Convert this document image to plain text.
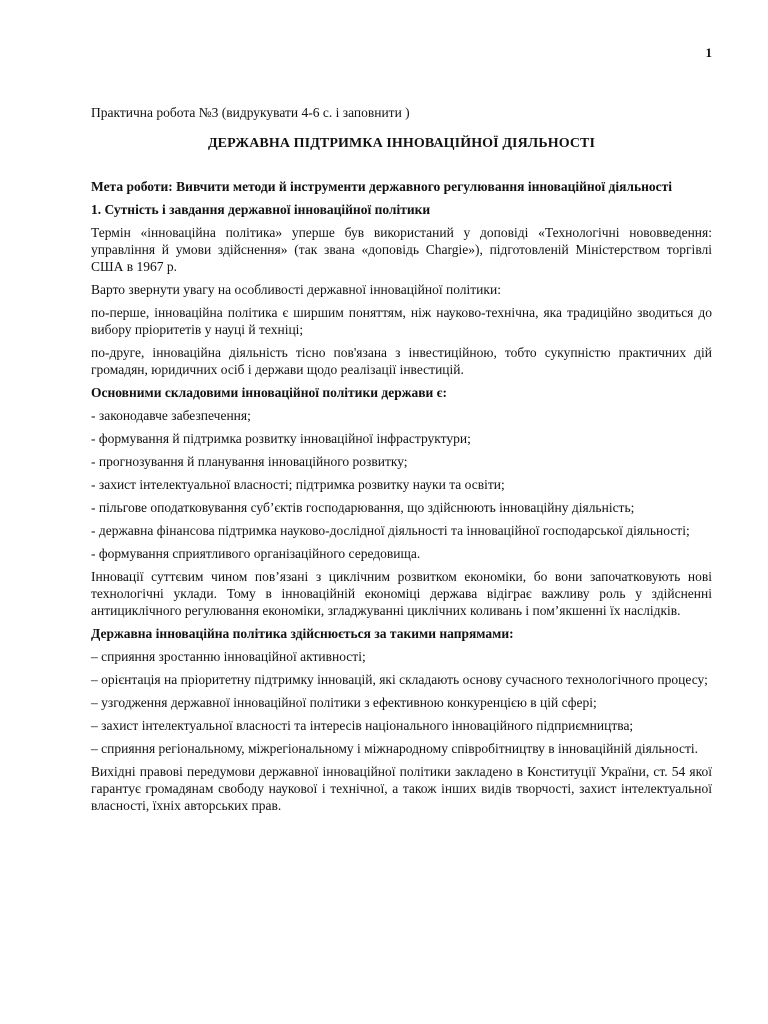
1

Практична робота №3 (видрукувати 4-6 с. і заповнити )

ДЕРЖАВНА ПІДТРИМКА ІННОВАЦІЙНОЇ ДІЯЛЬНОСТІ

Мета роботи: Вивчити методи й інструменти державного регулювання інноваційної діяльності

1. Сутність і завдання державної інноваційної політики

Термін «інноваційна політика» уперше був використаний у доповіді «Технологічні нововведення: управління й умови здійснення» (так звана «доповідь Chargie»), підготовленій Міністерством торгівлі США в 1967 р.

Варто звернути увагу на особливості державної інноваційної політики:

по-перше, інноваційна політика є ширшим поняттям, ніж науково-технічна, яка традиційно зводиться до вибору пріоритетів у науці й техніці;

по-друге, інноваційна діяльність тісно пов'язана з інвестиційною, тобто сукупністю практичних дій громадян, юридичних осіб і держави щодо реалізації інвестицій.

Основними складовими інноваційної політики держави є:

- законодавче забезпечення;

- формування й підтримка розвитку інноваційної інфраструктури;

- прогнозування й планування інноваційного розвитку;

- захист інтелектуальної власності; підтримка розвитку науки та освіти;

- пільгове оподатковування суб’єктів господарювання, що здійснюють інноваційну діяльність;

- державна фінансова підтримка науково-дослідної діяльності та інноваційної господарської діяльності;

- формування сприятливого організаційного середовища.

Інновації суттєвим чином пов’язані з циклічним розвитком економіки, бо вони започатковують нові технологічні уклади. Тому в інноваційній економіці держава відіграє важливу роль у здійсненні антициклічного регулювання економіки, згладжуванні циклічних коливань і пом’якшенні їх наслідків.

Державна інноваційна політика здійснюється за такими напрямами:

– сприяння зростанню інноваційної активності;

– орієнтація на пріоритетну підтримку інновацій, які складають основу сучасного технологічного процесу;

– узгодження державної інноваційної політики з ефективною конкуренцією в цій сфері;

– захист інтелектуальної власності та інтересів національного інноваційного підприємництва;

– сприяння регіональному, міжрегіональному і міжнародному співробітництву в інноваційній діяльності.

Вихідні правові передумови державної інноваційної політики закладено в Конституції України, ст. 54 якої гарантує громадянам свободу наукової і технічної, а також інших видів творчості, захист інтелектуальної власності, їхніх авторських прав.
